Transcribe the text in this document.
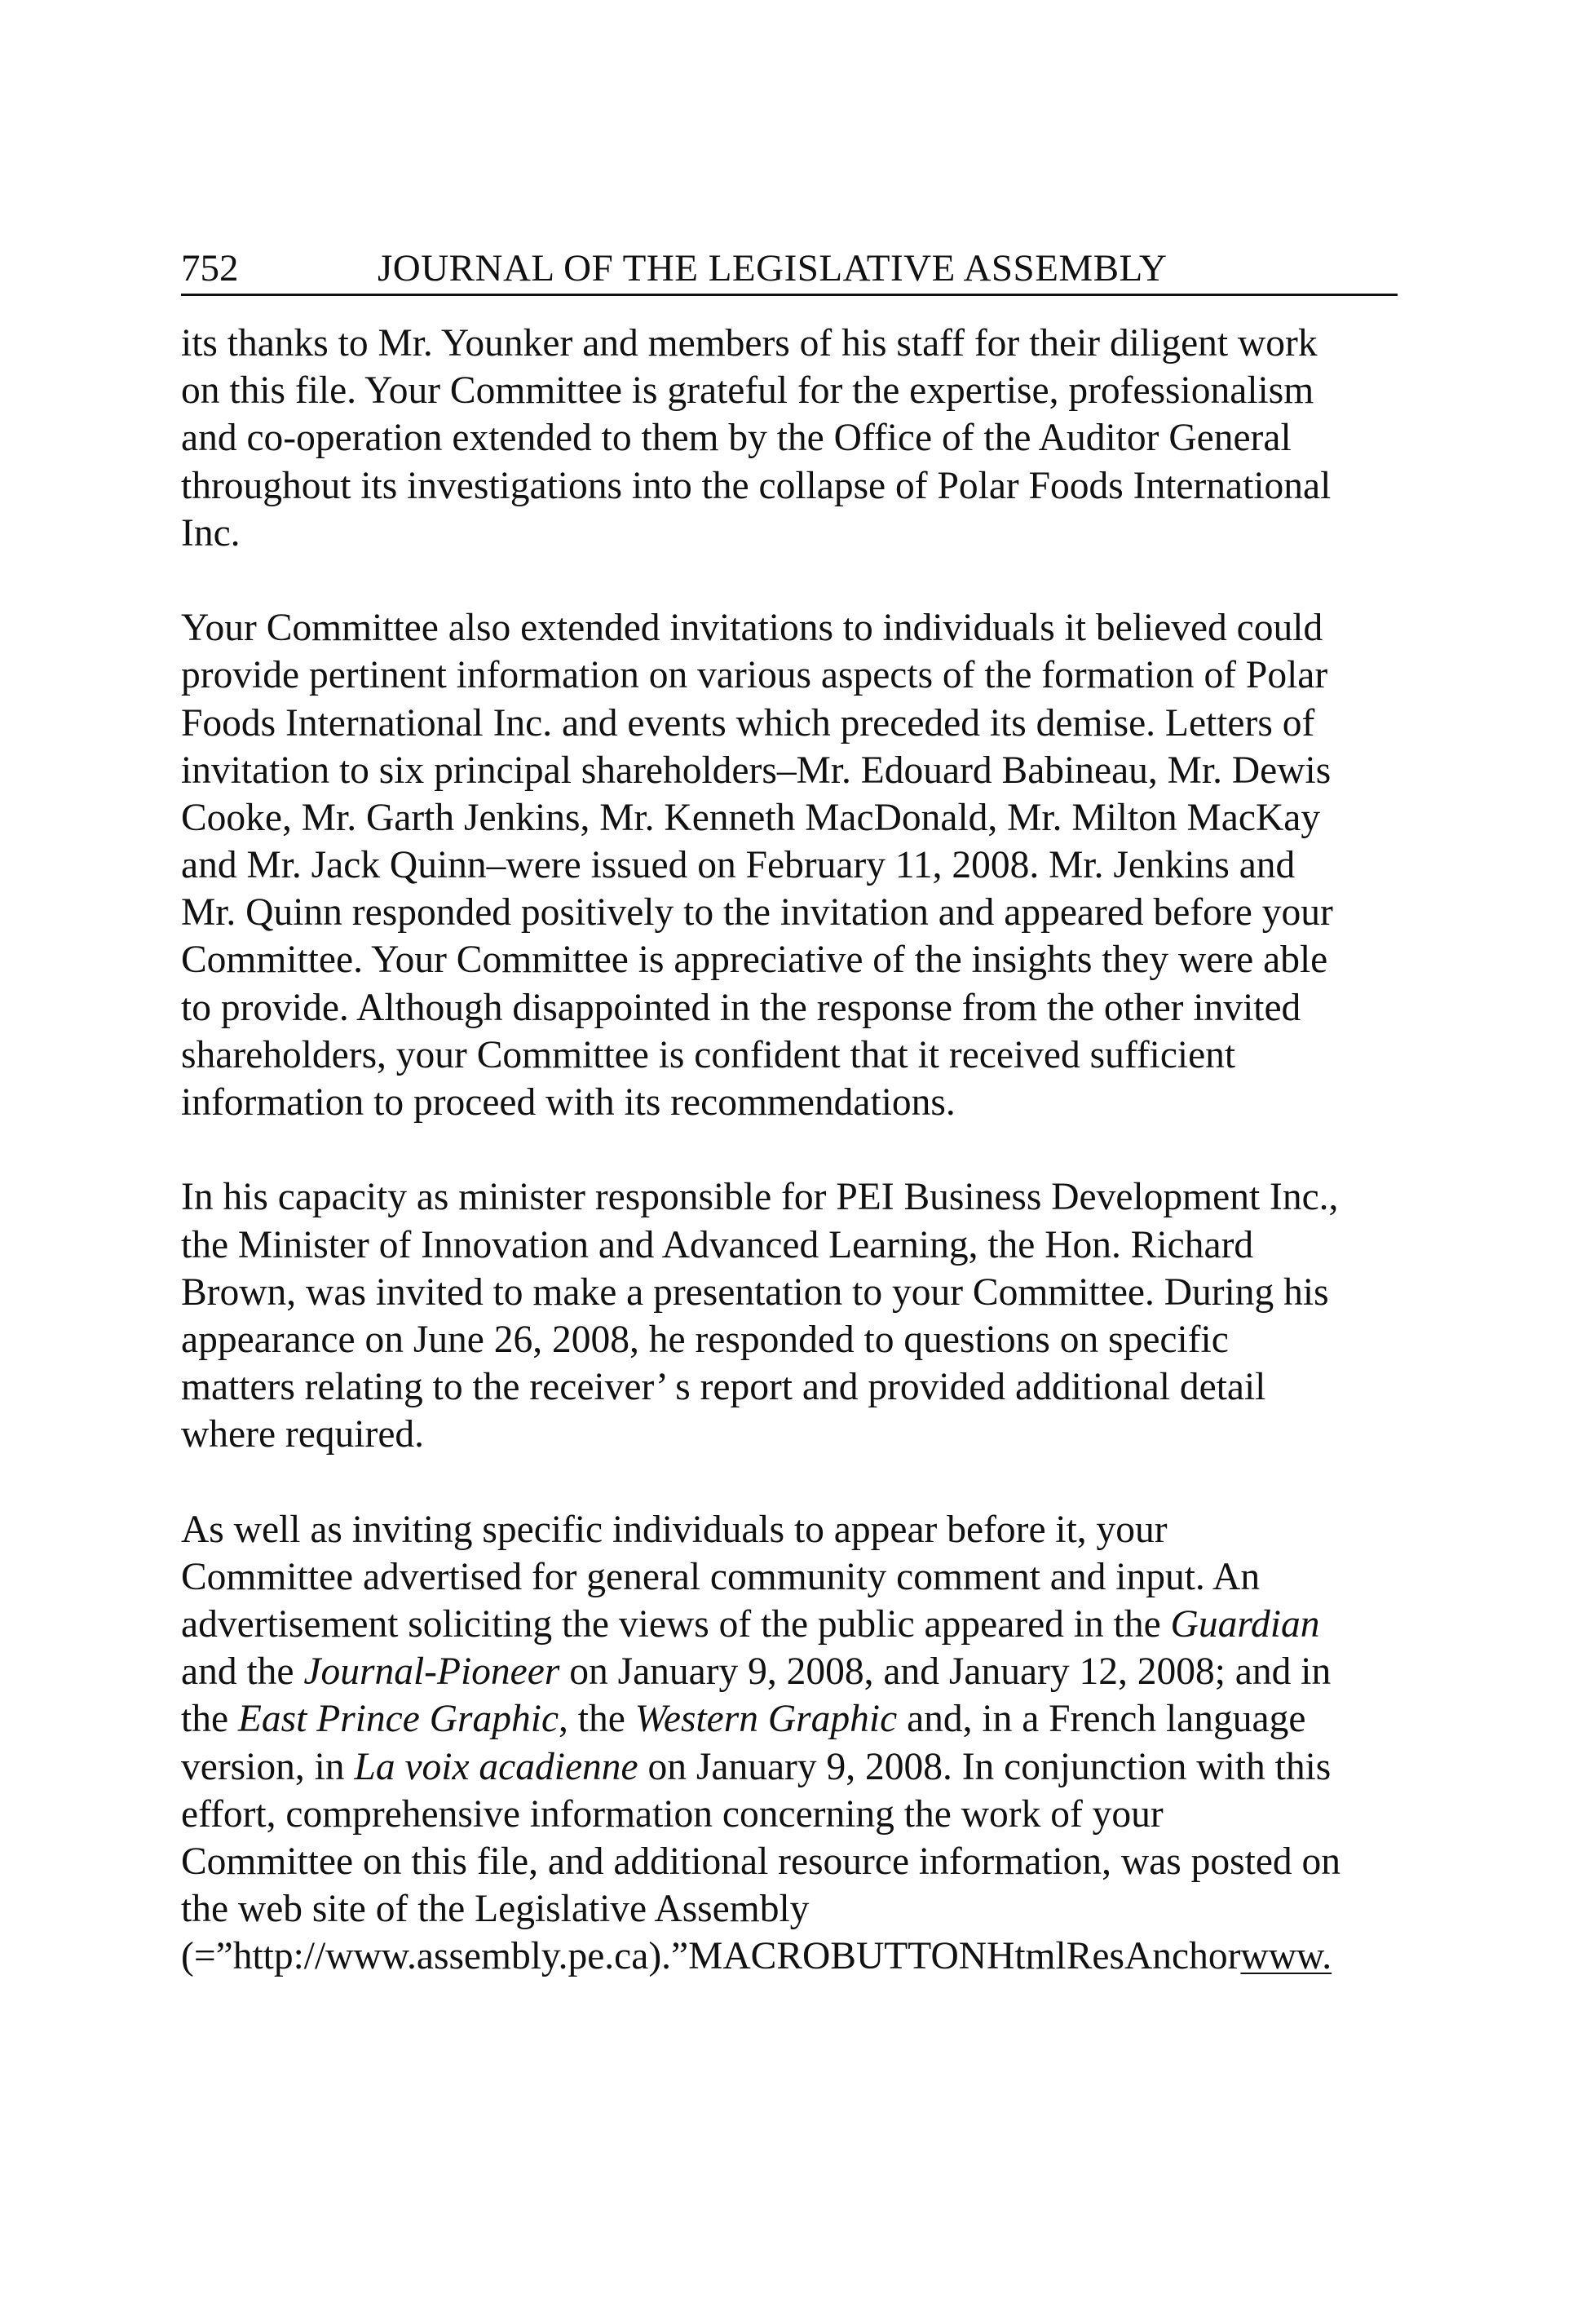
752	JOURNAL OF THE LEGISLATIVE ASSEMBLY
its thanks to Mr. Younker and members of his staff for their diligent work
on this file. Your Committee is grateful for the expertise, professionalism
and co-operation extended to them by the Office of the Auditor General
throughout its investigations into the collapse of Polar Foods International
Inc.
Your Committee also extended invitations to individuals it believed could
provide pertinent information on various aspects of the formation of Polar
Foods International Inc. and events which preceded its demise. Letters of
invitation to six principal shareholders–Mr. Edouard Babineau, Mr. Dewis
Cooke, Mr. Garth Jenkins, Mr. Kenneth MacDonald, Mr. Milton MacKay
and Mr. Jack Quinn–were issued on February 11, 2008. Mr. Jenkins and
Mr. Quinn responded positively to the invitation and appeared before your
Committee. Your Committee is appreciative of the insights they were able
to provide. Although disappointed in the response from the other invited
shareholders, your Committee is confident that it received sufficient
information to proceed with its recommendations.
In his capacity as minister responsible for PEI Business Development Inc.,
the Minister of Innovation and Advanced Learning, the Hon. Richard
Brown, was invited to make a presentation to your Committee. During his
appearance on June 26, 2008, he responded to questions on specific
matters relating to the receiver’ s report and provided additional detail
where required.
As well as inviting specific individuals to appear before it, your
Committee advertised for general community comment and input. An
advertisement soliciting the views of the public appeared in the Guardian
and the Journal-Pioneer on January 9, 2008, and January 12, 2008; and in
the East Prince Graphic, the Western Graphic and, in a French language
version, in La voix acadienne on January 9, 2008. In conjunction with this
effort, comprehensive information concerning the work of your
Committee on this file, and additional resource information, was posted on
the web site of the Legislative Assembly
(=”http://www.assembly.pe.ca).”MACROBUTTONHtmlResAnchorwww.
